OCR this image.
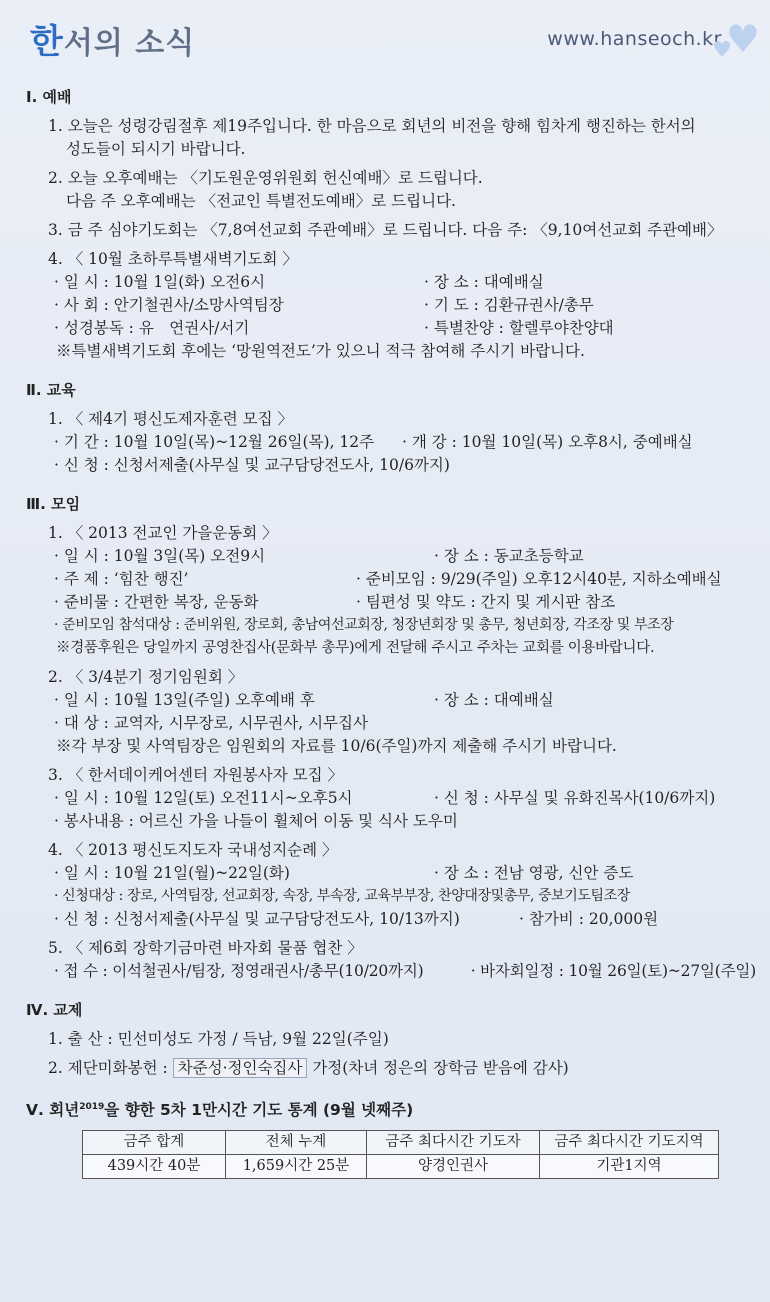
한서의 소식	www.hanseoch.kr ♥
♥

Ⅰ. 예배

1. 오늘은 성령강림절후 제19주입니다. 한 마음으로 회년의 비전을 향해 힘차게 행진하는 한서의
성도들이 되시기 바랍니다.
2. 오늘 오후예배는 〈기도원운영위원회 헌신예배〉로 드립니다.
다음 주 오후예배는 〈전교인 특별전도예배〉로 드립니다.
3. 금 주 심야기도회는 〈7,8여선교회 주관예배〉로 드립니다. 다음 주: 〈9,10여선교회 주관예배〉
4. 〈 10월 초하루특별새벽기도회 〉
· 일 시 : 10월 1일(화) 오전6시	· 장 소 : 대예배실
· 사 회 : 안기철권사/소망사역팀장	· 기 도 : 김환규권사/총무
· 성경봉독 : 유　연권사/서기	· 특별찬양 : 할렐루야찬양대
※특별새벽기도회 후에는 ‘망원역전도’가 있으니 적극 참여해 주시기 바랍니다.

Ⅱ. 교육

1. 〈 제4기 평신도제자훈련 모집 〉
· 기 간 : 10월 10일(목)~12월 26일(목), 12주	· 개 강 : 10월 10일(목) 오후8시, 중예배실
· 신 청 : 신청서제출(사무실 및 교구담당전도사, 10/6까지)

Ⅲ. 모임

1. 〈 2013 전교인 가을운동회 〉
· 일 시 : 10월 3일(목) 오전9시	· 장 소 : 동교초등학교
· 주 제 : ‘힘찬 행진’	· 준비모임 : 9/29(주일) 오후12시40분, 지하소예배실
· 준비물 : 간편한 복장, 운동화	· 팀편성 및 약도 : 간지 및 게시판 참조
· 준비모임 참석대상 : 준비위원, 장로회, 총남여선교회장, 청장년회장 및 총무, 청년회장, 각조장 및 부조장
※경품후원은 당일까지 공영찬집사(문화부 총무)에게 전달해 주시고 주차는 교회를 이용바랍니다.
2. 〈 3/4분기 정기임원회 〉
· 일 시 : 10월 13일(주일) 오후예배 후	· 장 소 : 대예배실
· 대 상 : 교역자, 시무장로, 시무권사, 시무집사
※각 부장 및 사역팀장은 임원회의 자료를 10/6(주일)까지 제출해 주시기 바랍니다.
3. 〈 한서데이케어센터 자원봉사자 모집 〉
· 일 시 : 10월 12일(토) 오전11시~오후5시	· 신 청 : 사무실 및 유화진목사(10/6까지)
· 봉사내용 : 어르신 가을 나들이 휠체어 이동 및 식사 도우미
4. 〈 2013 평신도지도자 국내성지순례 〉
· 일 시 : 10월 21일(월)~22일(화)	· 장 소 : 전남 영광, 신안 증도
· 신청대상 : 장로, 사역팀장, 선교회장, 속장, 부속장, 교육부부장, 찬양대장및총무, 중보기도팀조장
· 신 청 : 신청서제출(사무실 및 교구담당전도사, 10/13까지)	· 참가비 : 20,000원
5. 〈 제6회 장학기금마련 바자회 물품 협찬 〉
· 접 수 : 이석철권사/팀장, 정영래권사/총무(10/20까지)	· 바자회일정 : 10월 26일(토)~27일(주일)

Ⅳ. 교제

1. 출 산 : 민선미성도 가정 / 득남, 9월 22일(주일)
2. 제단미화봉헌 : 차준성·정인숙집사 가정(차녀 정은의 장학금 받음에 감사)
Ⅴ. 회년$^{2019}$을 향한 5차 1만시간 기도 통계 (9월 넷째주)
금주 합계	전체 누계	금주 최다시간 기도자	금주 최다시간 기도지역
439시간 40분	1,659시간 25분	양경인권사	기관1지역
